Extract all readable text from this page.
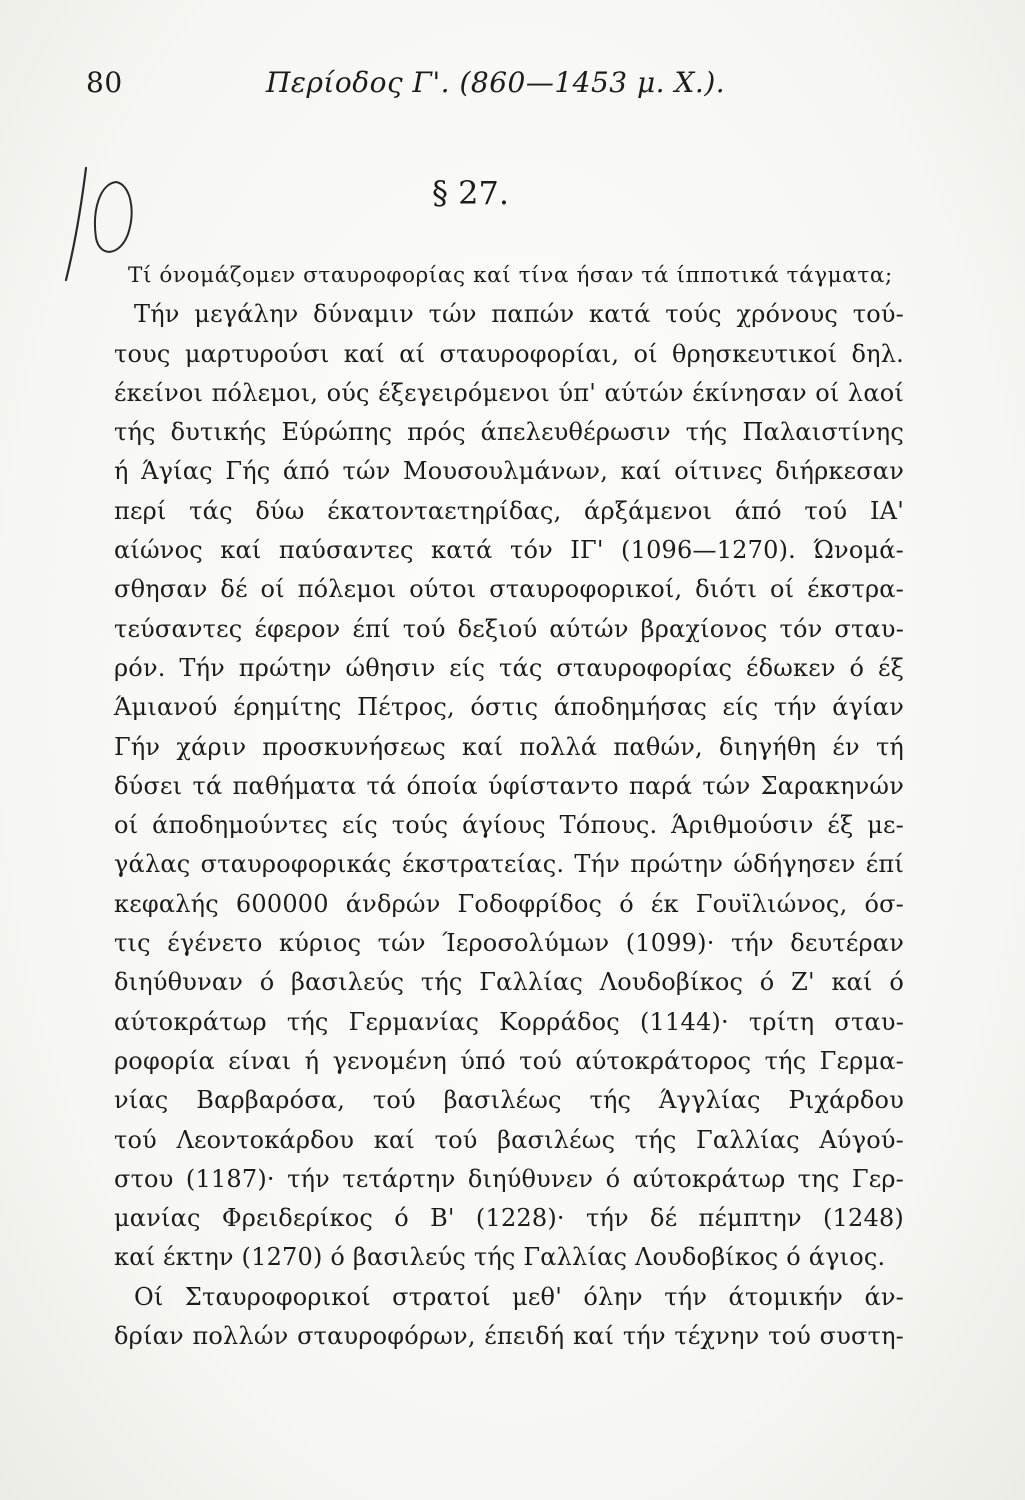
80	Περίοδος Γ'. (860—1453 μ. Χ.).
§ 27.
Τί όνομάζομεν σταυροφορίας καί τίνα ήσαν τά ίπποτικά τάγματα;
Τήν μεγάλην δύναμιν τών παπών κατά τούς χρόνους τού-
τους μαρτυρούσι καί αί σταυροφορίαι, οί θρησκευτικοί δηλ.
έκείνοι πόλεμοι, ούς έξεγειρόμενοι ύπ' αύτών έκίνησαν οί λαοί
τής δυτικής Εύρώπης πρός άπελευθέρωσιν τής Παλαιστίνης
ή Άγίας Γής άπό τών Μουσουλμάνων, καί οίτινες διήρκεσαν
περί τάς δύω έκατονταετηρίδας, άρξάμενοι άπό τού ΙΑ'
αίώνος καί παύσαντες κατά τόν ΙΓ' (1096—1270). Ώνομά-
σθησαν δέ οί πόλεμοι ούτοι σταυροφορικοί, διότι οί έκστρα-
τεύσαντες έφερον έπί τού δεξιού αύτών βραχίονος τόν σταυ-
ρόν. Τήν πρώτην ώθησιν είς τάς σταυροφορίας έδωκεν ό έξ
Άμιανού έρημίτης Πέτρος, όστις άποδημήσας είς τήν άγίαν
Γήν χάριν προσκυνήσεως καί πολλά παθών, διηγήθη έν τή
δύσει τά παθήματα τά όποία ύφίσταντο παρά τών Σαρακηνών
οί άποδημούντες είς τούς άγίους Τόπους. Άριθμούσιν έξ με-
γάλας σταυροφορικάς έκστρατείας. Τήν πρώτην ώδήγησεν έπί
κεφαλής 600000 άνδρών Γοδοφρίδος ό έκ Γουϊλιώνος, όσ-
τις έγένετο κύριος τών Ίεροσολύμων (1099)· τήν δευτέραν
διηύθυναν ό βασιλεύς τής Γαλλίας Λουδοβίκος ό Ζ' καί ό
αύτοκράτωρ τής Γερμανίας Κορράδος (1144)· τρίτη σταυ-
ροφορία είναι ή γενομένη ύπό τού αύτοκράτορος τής Γερμα-
νίας Βαρβαρόσα, τού βασιλέως τής Άγγλίας Ριχάρδου
τού Λεοντοκάρδου καί τού βασιλέως τής Γαλλίας Αύγού-
στου (1187)· τήν τετάρτην διηύθυνεν ό αύτοκράτωρ της Γερ-
μανίας Φρειδερίκος ό Β' (1228)· τήν δέ πέμπτην (1248)
καί έκτην (1270) ό βασιλεύς τής Γαλλίας Λουδοβίκος ό άγιος.
Οί Σταυροφορικοί στρατοί μεθ' όλην τήν άτομικήν άν-
δρίαν πολλών σταυροφόρων, έπειδή καί τήν τέχνην τού συστη-
